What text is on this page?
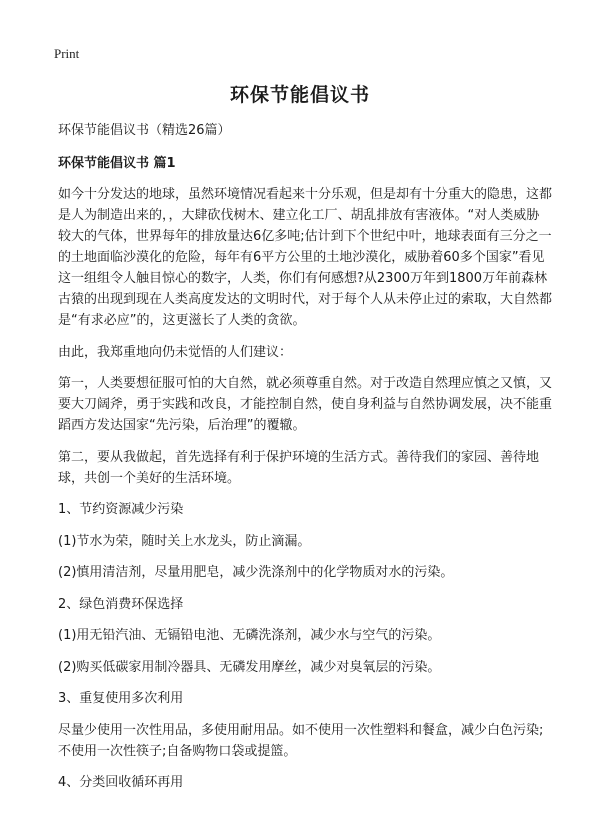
Print
环保节能倡议书

环保节能倡议书（精选26篇）

环保节能倡议书 篇1

如今十分发达的地球，虽然环境情况看起来十分乐观，但是却有十分重大的隐患，这都是人为制造出来的，，大肆砍伐树木、建立化工厂、胡乱排放有害液体。“对人类威胁较大的气体，世界每年的排放量达6亿多吨;估计到下个世纪中叶，地球表面有三分之一的土地面临沙漠化的危险，每年有6平方公里的土地沙漠化，威胁着60多个国家”看见这一组组令人触目惊心的数字，人类，你们有何感想?从2300万年到1800万年前森林古猿的出现到现在人类高度发达的文明时代，对于每个人从未停止过的索取，大自然都是“有求必应”的，这更滋长了人类的贪欲。

由此，我郑重地向仍未觉悟的人们建议：

第一，人类要想征服可怕的大自然，就必须尊重自然。对于改造自然理应慎之又慎，又要大刀阔斧，勇于实践和改良，才能控制自然，使自身利益与自然协调发展，决不能重蹈西方发达国家“先污染，后治理”的覆辙。

第二，要从我做起，首先选择有利于保护环境的生活方式。善待我们的家园、善待地球，共创一个美好的生活环境。

1、节约资源减少污染

(1)节水为荣，随时关上水龙头，防止滴漏。

(2)慎用清洁剂，尽量用肥皂，减少洗涤剂中的化学物质对水的污染。

2、绿色消费环保选择

(1)用无铅汽油、无镉铅电池、无磷洗涤剂，减少水与空气的污染。

(2)购买低碳家用制冷器具、无磷发用摩丝，减少对臭氧层的污染。

3、重复使用多次利用

尽量少使用一次性用品，多使用耐用品。如不使用一次性塑料和餐盒，减少白色污染;不使用一次性筷子;自备购物口袋或提篮。

4、分类回收循环再用
